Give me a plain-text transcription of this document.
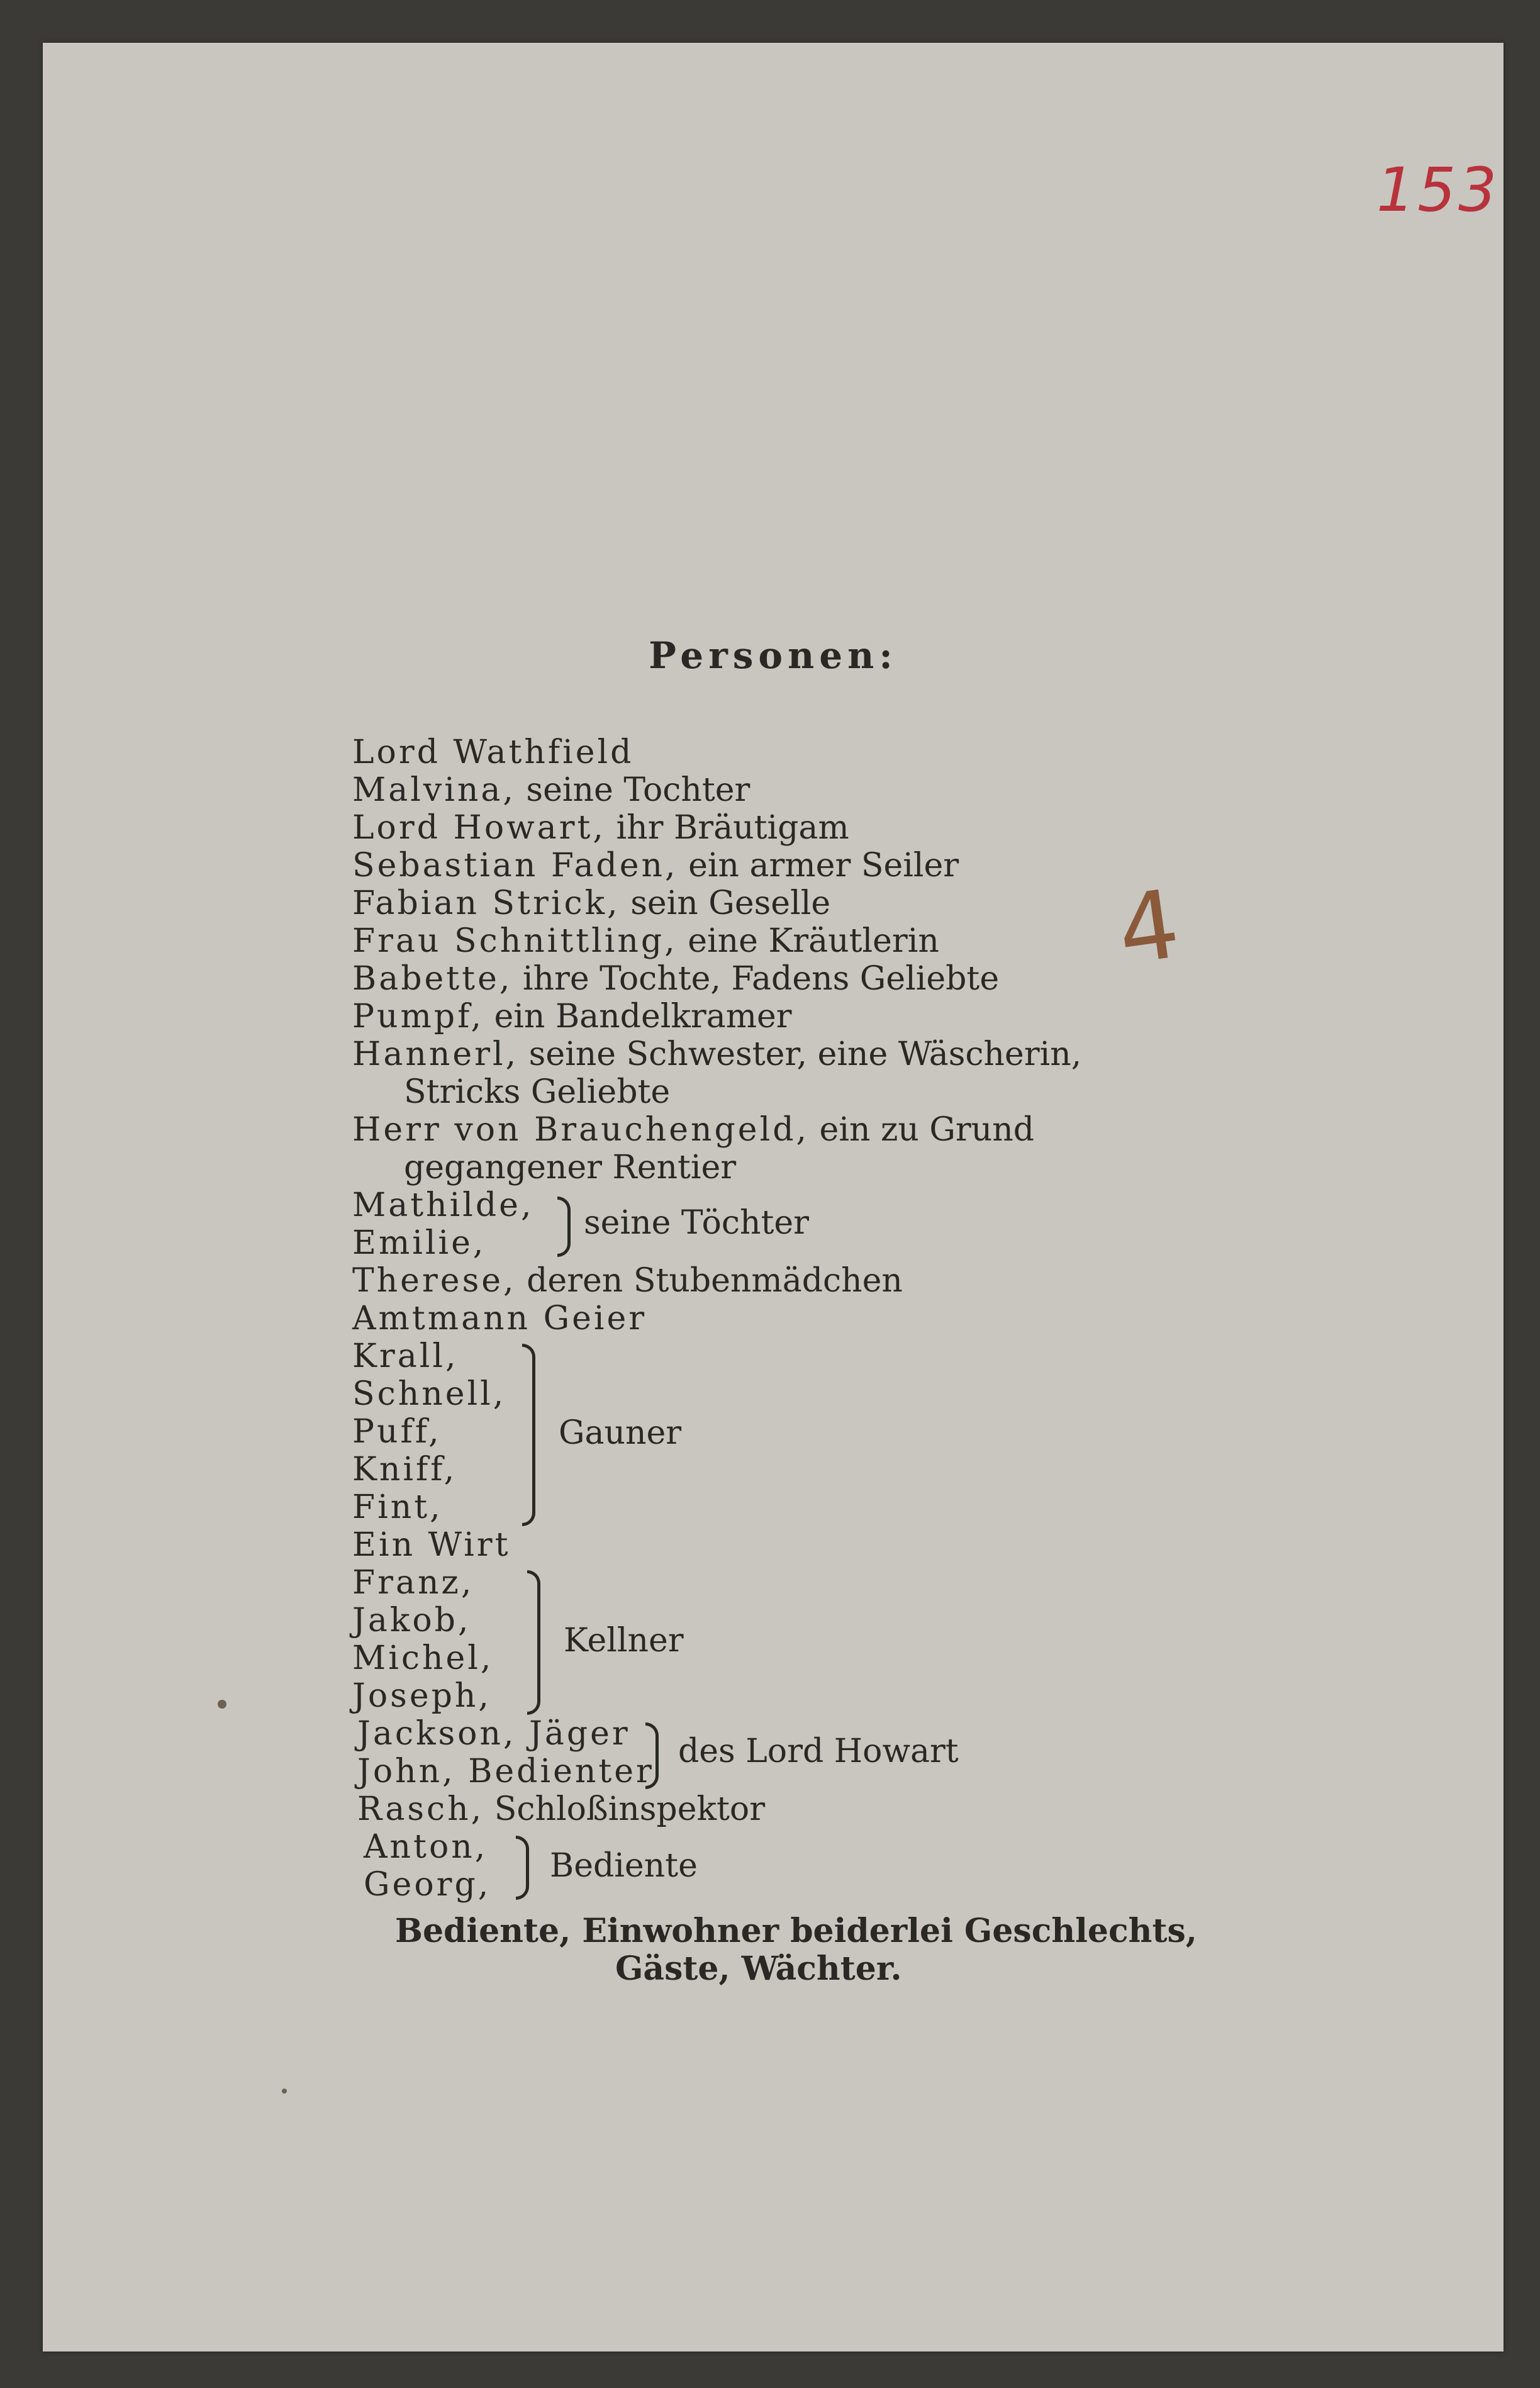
153
Personen:
Lord Wathfield
Malvina, seine Tochter
Lord Howart, ihr Bräutigam
Sebastian Faden, ein armer Seiler
Fabian Strick, sein Geselle
Frau Schnittling, eine Kräutlerin
Babette, ihre Tochte, Fadens Geliebte
Pumpf, ein Bandelkramer
Hannerl, seine Schwester, eine Wäscherin,
Stricks Geliebte
Herr von Brauchengeld, ein zu Grund
gegangener Rentier
Mathilde,
Emilie,
seine Töchter
Therese, deren Stubenmädchen
Amtmann Geier
Krall,
Schnell,
Puff,
Kniff,
Fint,
Gauner
Ein Wirt
Franz,
Jakob,
Michel,
Joseph,
Kellner
Jackson, Jäger
John, Bedienter
des Lord Howart
Rasch, Schloßinspektor
Anton,
Georg, Bediente
Bediente, Einwohner beiderlei Geschlechts,
Gäste, Wächter.
4
